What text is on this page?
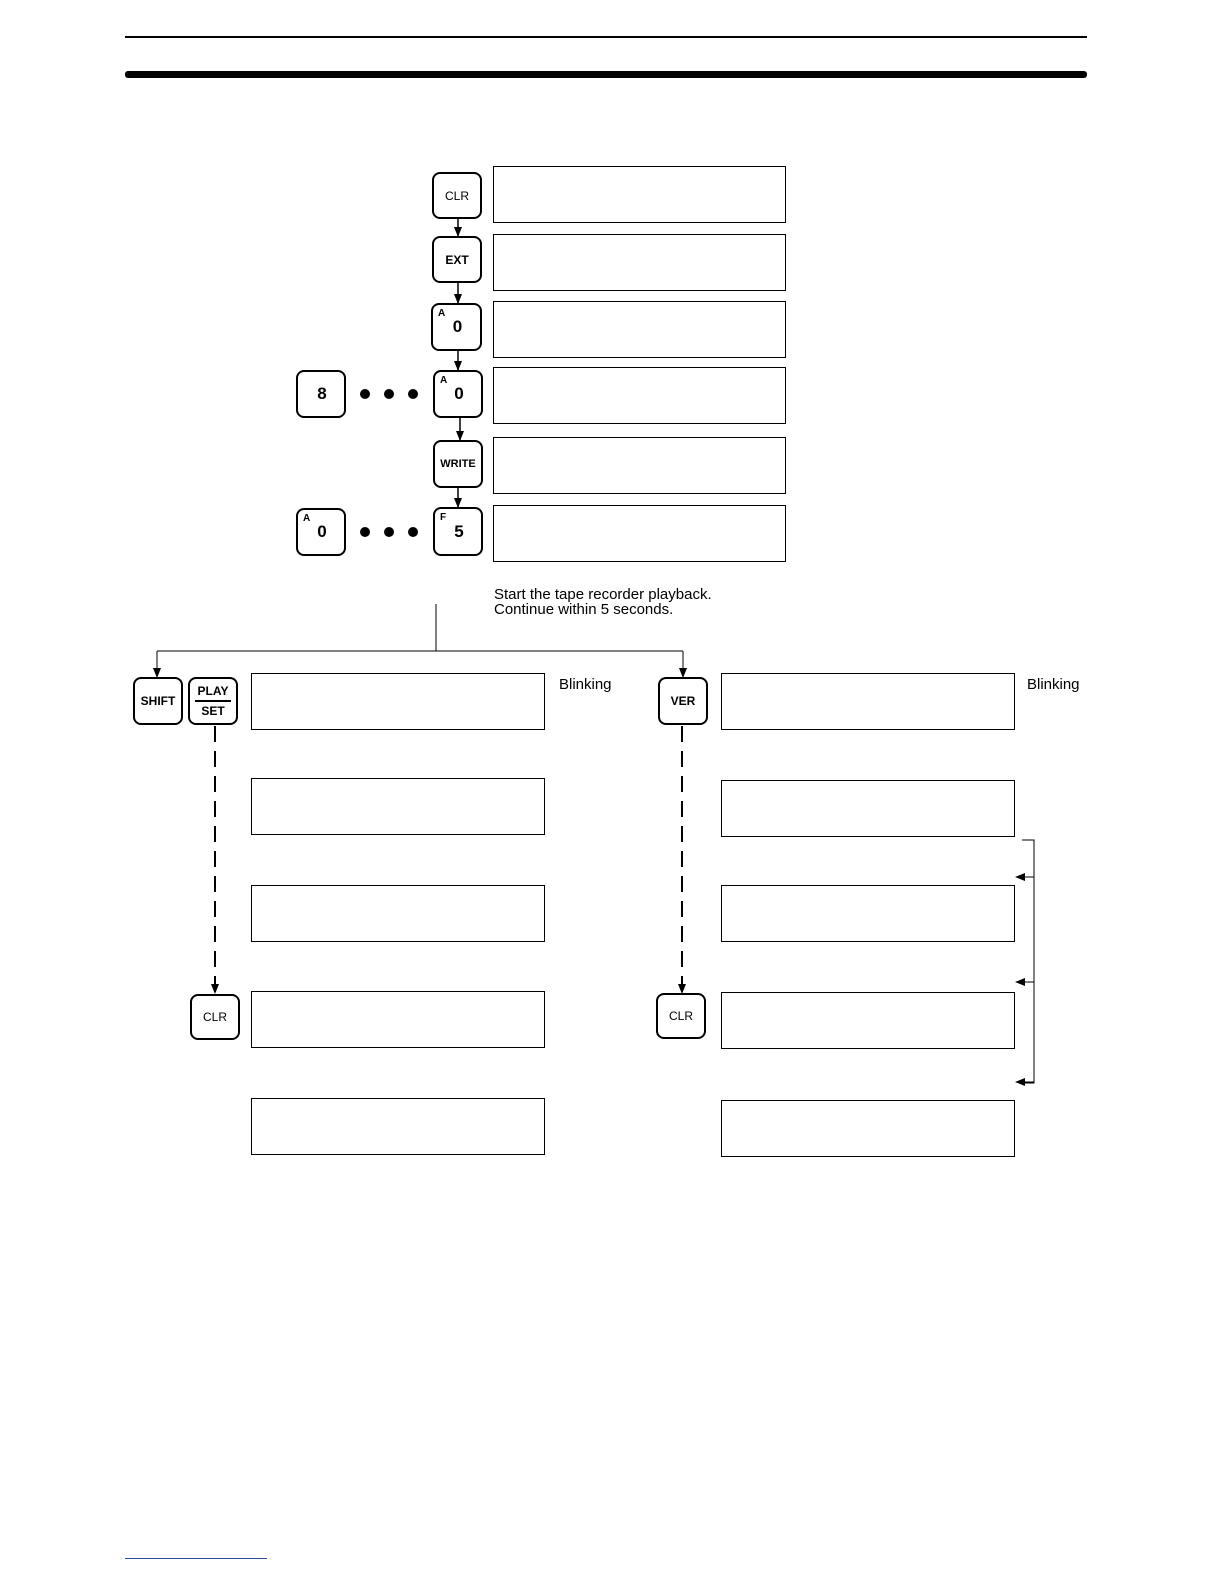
CLR
EXT
A
0
8
A
0
WRITE
A
0
F
5
Start the tape recorder playback.
Continue within 5 seconds.
SHIFT
PLAY
SET
Blinking
CLR
VER
Blinking
CLR
